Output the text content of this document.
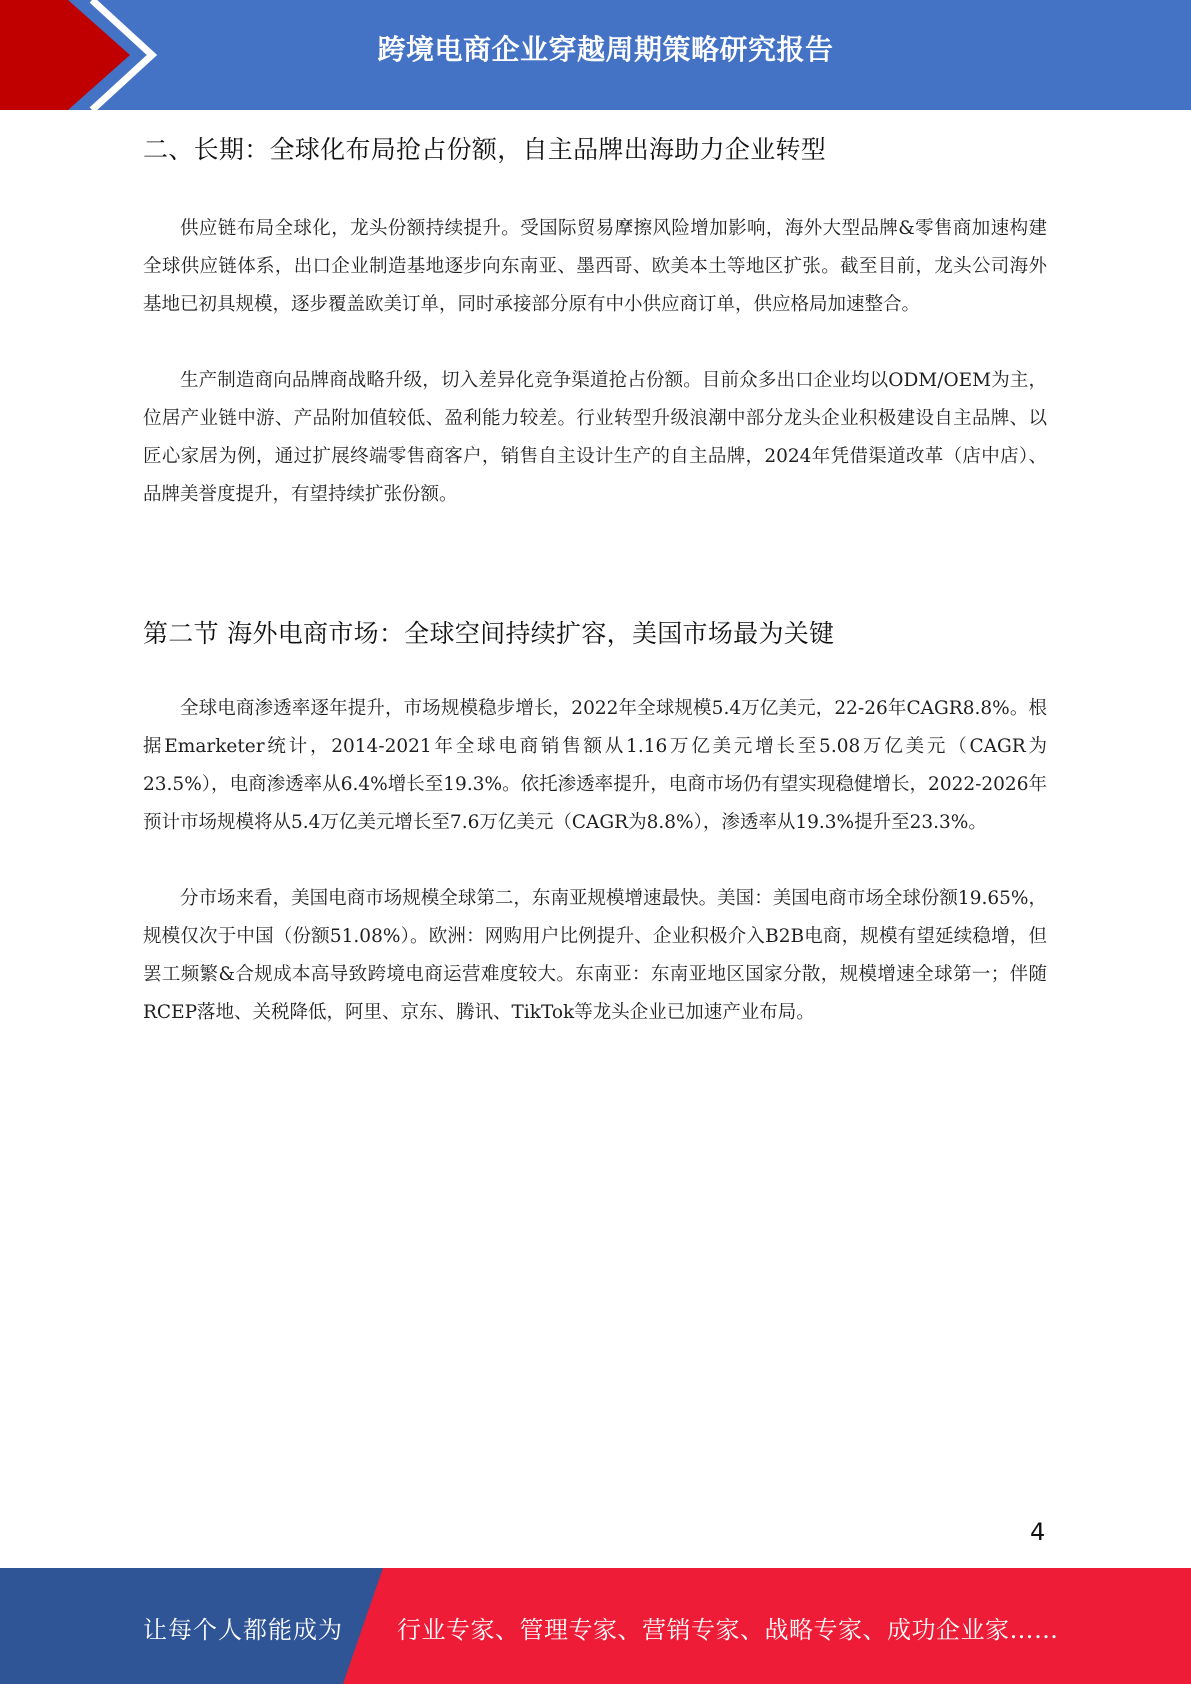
跨境电商企业穿越周期策略研究报告
二、长期：全球化布局抢占份额，自主品牌出海助力企业转型

供应链布局全球化，龙头份额持续提升。受国际贸易摩擦风险增加影响，海外大型品牌&零售商加速构建全球供应链体系，出口企业制造基地逐步向东南亚、墨西哥、欧美本土等地区扩张。截至目前，龙头公司海外基地已初具规模，逐步覆盖欧美订单，同时承接部分原有中小供应商订单，供应格局加速整合。

生产制造商向品牌商战略升级，切入差异化竞争渠道抢占份额。目前众多出口企业均以ODM/OEM为主，位居产业链中游、产品附加值较低、盈利能力较差。行业转型升级浪潮中部分龙头企业积极建设自主品牌、以匠心家居为例，通过扩展终端零售商客户，销售自主设计生产的自主品牌，2024年凭借渠道改革（店中店）、品牌美誉度提升，有望持续扩张份额。

第二节 海外电商市场：全球空间持续扩容，美国市场最为关键

全球电商渗透率逐年提升，市场规模稳步增长，2022年全球规模5.4万亿美元，22-26年CAGR8.8%。根据Emarketer统计，2014-2021年全球电商销售额从1.16万亿美元增长至5.08万亿美元（CAGR为23.5%），电商渗透率从6.4%增长至19.3%。依托渗透率提升，电商市场仍有望实现稳健增长，2022-2026年预计市场规模将从5.4万亿美元增长至7.6万亿美元（CAGR为8.8%），渗透率从19.3%提升至23.3%。

分市场来看，美国电商市场规模全球第二，东南亚规模增速最快。美国：美国电商市场全球份额19.65%，规模仅次于中国（份额51.08%）。欧洲：网购用户比例提升、企业积极介入B2B电商，规模有望延续稳增，但罢工频繁&合规成本高导致跨境电商运营难度较大。东南亚：东南亚地区国家分散，规模增速全球第一；伴随RCEP落地、关税降低，阿里、京东、腾讯、TikTok等龙头企业已加速产业布局。

4
让每个人都能成为 行业专家、管理专家、营销专家、战略专家、成功企业家……
